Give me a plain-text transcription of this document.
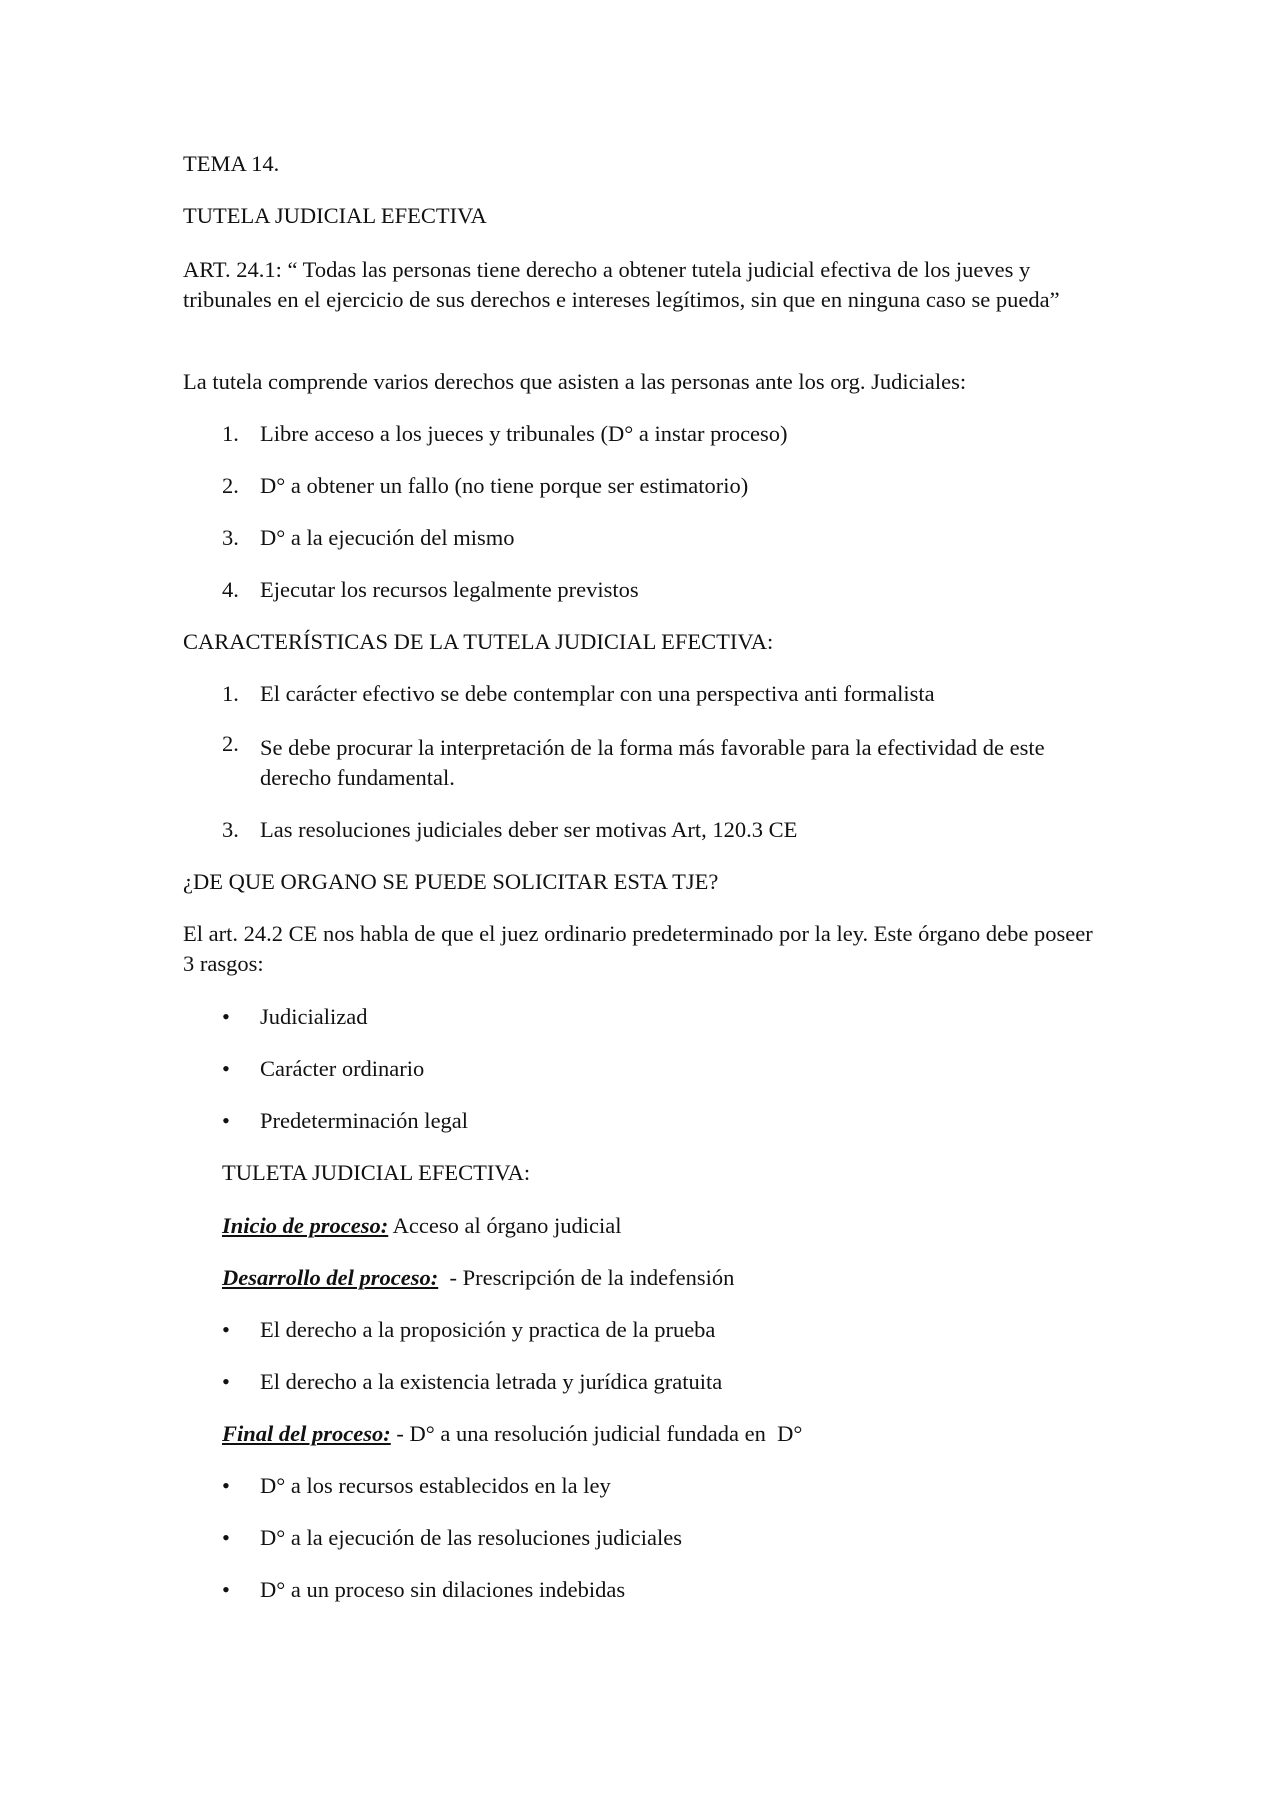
TEMA 14.

TUTELA JUDICIAL EFECTIVA

ART. 24.1: “ Todas las personas tiene derecho a obtener tutela judicial efectiva de los jueves y tribunales en el ejercicio de sus derechos e intereses legítimos, sin que en ninguna caso se pueda”

La tutela comprende varios derechos que asisten a las personas ante los org. Judiciales:

1. Libre acceso a los jueces y tribunales (D° a instar proceso)
2. D° a obtener un fallo (no tiene porque ser estimatorio)
3. D° a la ejecución del mismo
4. Ejecutar los recursos legalmente previstos

CARACTERÍSTICAS DE LA TUTELA JUDICIAL EFECTIVA:

1. El carácter efectivo se debe contemplar con una perspectiva anti formalista
2. Se debe procurar la interpretación de la forma más favorable para la efectividad de este derecho fundamental.
3. Las resoluciones judiciales deber ser motivas Art, 120.3 CE

¿DE QUE ORGANO SE PUEDE SOLICITAR ESTA TJE?

El art. 24.2 CE nos habla de que el juez ordinario predeterminado por la ley. Este órgano debe poseer 3 rasgos:

•	Judicializad
•	Carácter ordinario
•	Predeterminación legal

TULETA JUDICIAL EFECTIVA:

Inicio de proceso: Acceso al órgano judicial

Desarrollo del proceso:  - Prescripción de la indefensión

•	El derecho a la proposición y practica de la prueba
•	El derecho a la existencia letrada y jurídica gratuita

Final del proceso: - D° a una resolución judicial fundada en  D°

•	D° a los recursos establecidos en la ley
•	D° a la ejecución de las resoluciones judiciales
•	D° a un proceso sin dilaciones indebidas
